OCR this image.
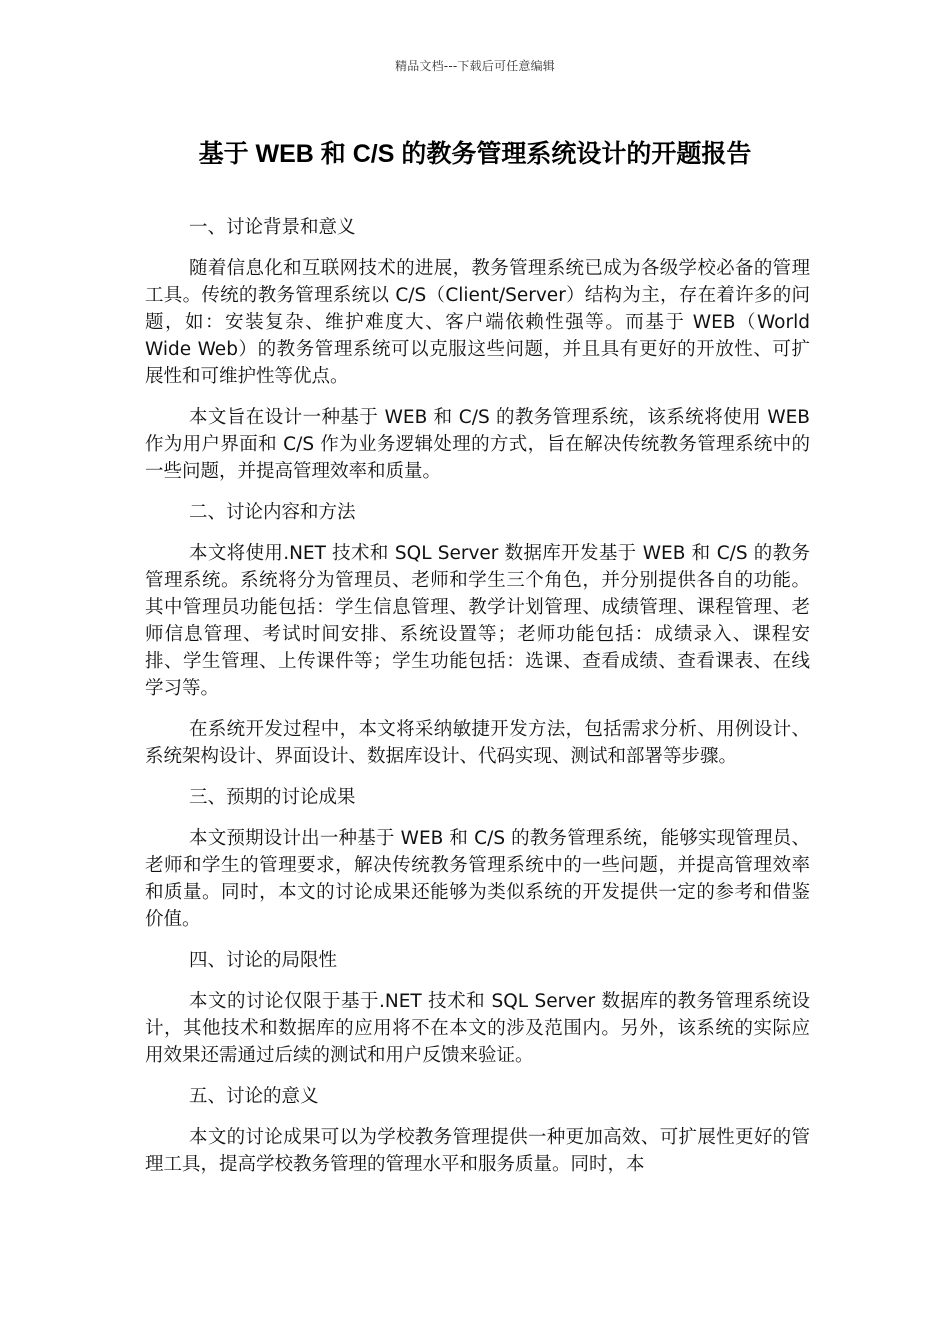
精品文档---下载后可任意编辑
基于 WEB 和 C/S 的教务管理系统设计的开题报告

一、讨论背景和意义

随着信息化和互联网技术的进展，教务管理系统已成为各级学校必备的管理工具。传统的教务管理系统以 C/S（Client/Server）结构为主，存在着许多的问题，如：安装复杂、维护难度大、客户端依赖性强等。而基于 WEB（World Wide Web）的教务管理系统可以克服这些问题，并且具有更好的开放性、可扩展性和可维护性等优点。

本文旨在设计一种基于 WEB 和 C/S 的教务管理系统，该系统将使用 WEB 作为用户界面和 C/S 作为业务逻辑处理的方式，旨在解决传统教务管理系统中的一些问题，并提高管理效率和质量。

二、讨论内容和方法

本文将使用.NET 技术和 SQL Server 数据库开发基于 WEB 和 C/S 的教务管理系统。系统将分为管理员、老师和学生三个角色，并分别提供各自的功能。其中管理员功能包括：学生信息管理、教学计划管理、成绩管理、课程管理、老师信息管理、考试时间安排、系统设置等；老师功能包括：成绩录入、课程安排、学生管理、上传课件等；学生功能包括：选课、查看成绩、查看课表、在线学习等。

在系统开发过程中，本文将采纳敏捷开发方法，包括需求分析、用例设计、系统架构设计、界面设计、数据库设计、代码实现、测试和部署等步骤。

三、预期的讨论成果

本文预期设计出一种基于 WEB 和 C/S 的教务管理系统，能够实现管理员、老师和学生的管理要求，解决传统教务管理系统中的一些问题，并提高管理效率和质量。同时，本文的讨论成果还能够为类似系统的开发提供一定的参考和借鉴价值。

四、讨论的局限性

本文的讨论仅限于基于.NET 技术和 SQL Server 数据库的教务管理系统设计，其他技术和数据库的应用将不在本文的涉及范围内。另外，该系统的实际应用效果还需通过后续的测试和用户反馈来验证。

五、讨论的意义

本文的讨论成果可以为学校教务管理提供一种更加高效、可扩展性更好的管理工具，提高学校教务管理的管理水平和服务质量。同时，本
